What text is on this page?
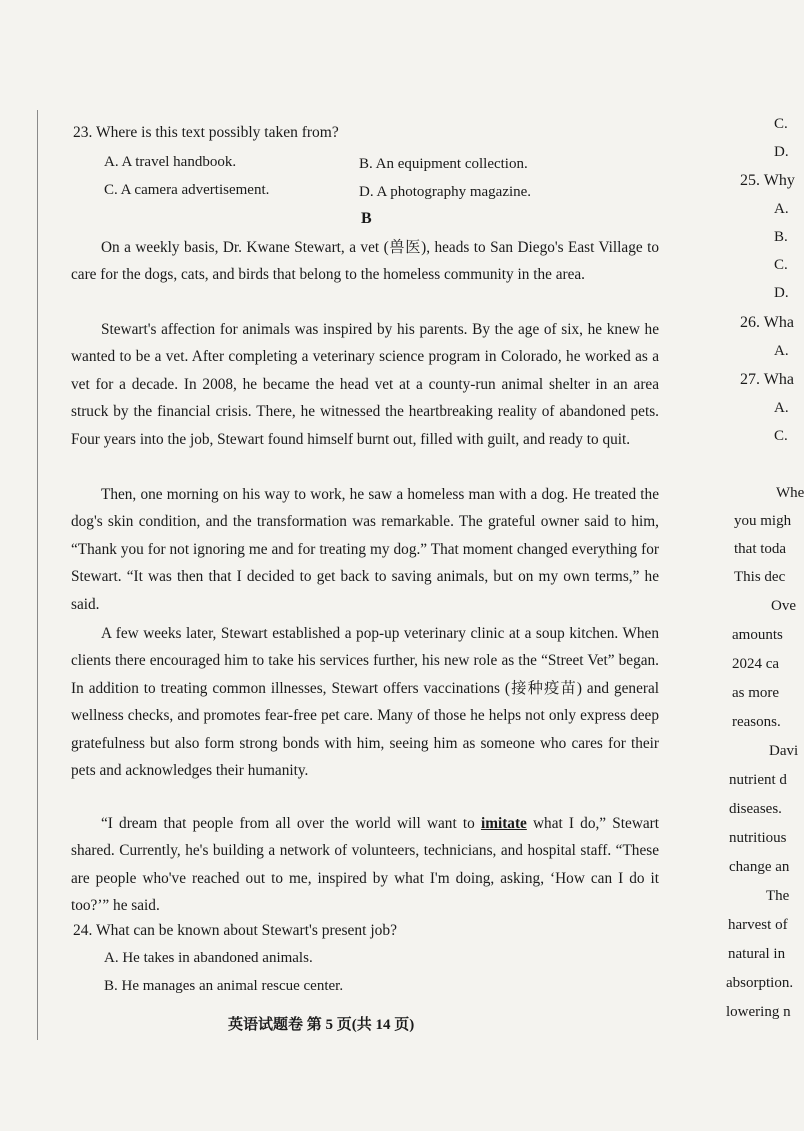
23. Where is this text possibly taken from?
A. A travel handbook.	B. An equipment collection.
C. A camera advertisement.	D. A photography magazine.
B
On a weekly basis, Dr. Kwane Stewart, a vet (兽医), heads to San Diego's East Village to care for the dogs, cats, and birds that belong to the homeless community in the area.
Stewart's affection for animals was inspired by his parents. By the age of six, he knew he wanted to be a vet. After completing a veterinary science program in Colorado, he worked as a vet for a decade. In 2008, he became the head vet at a county-run animal shelter in an area struck by the financial crisis. There, he witnessed the heartbreaking reality of abandoned pets. Four years into the job, Stewart found himself burnt out, filled with guilt, and ready to quit.
Then, one morning on his way to work, he saw a homeless man with a dog. He treated the dog's skin condition, and the transformation was remarkable. The grateful owner said to him, “Thank you for not ignoring me and for treating my dog.” That moment changed everything for Stewart. “It was then that I decided to get back to saving animals, but on my own terms,” he said.
A few weeks later, Stewart established a pop-up veterinary clinic at a soup kitchen. When clients there encouraged him to take his services further, his new role as the “Street Vet” began. In addition to treating common illnesses, Stewart offers vaccinations (接种疫苗) and general wellness checks, and promotes fear-free pet care. Many of those he helps not only express deep gratefulness but also form strong bonds with him, seeing him as someone who cares for their pets and acknowledges their humanity.
“I dream that people from all over the world will want to imitate what I do,” Stewart shared. Currently, he's building a network of volunteers, technicians, and hospital staff. “These are people who've reached out to me, inspired by what I'm doing, asking, ‘How can I do it too?’” he said.
24. What can be known about Stewart's present job?
A. He takes in abandoned animals.
B. He manages an animal rescue center.
英语试题卷 第 5 页(共 14 页)
C.
D.
25. Why
A.
B.
C.
D.
26. Wha
A.
27. Wha
A.
C.
Whe
you migh
that toda
This dec
Ove
amounts
2024 ca
as more
reasons.
Davi
nutrient d
diseases.
nutritious
change an
The
harvest of
natural in
absorption.
lowering n
